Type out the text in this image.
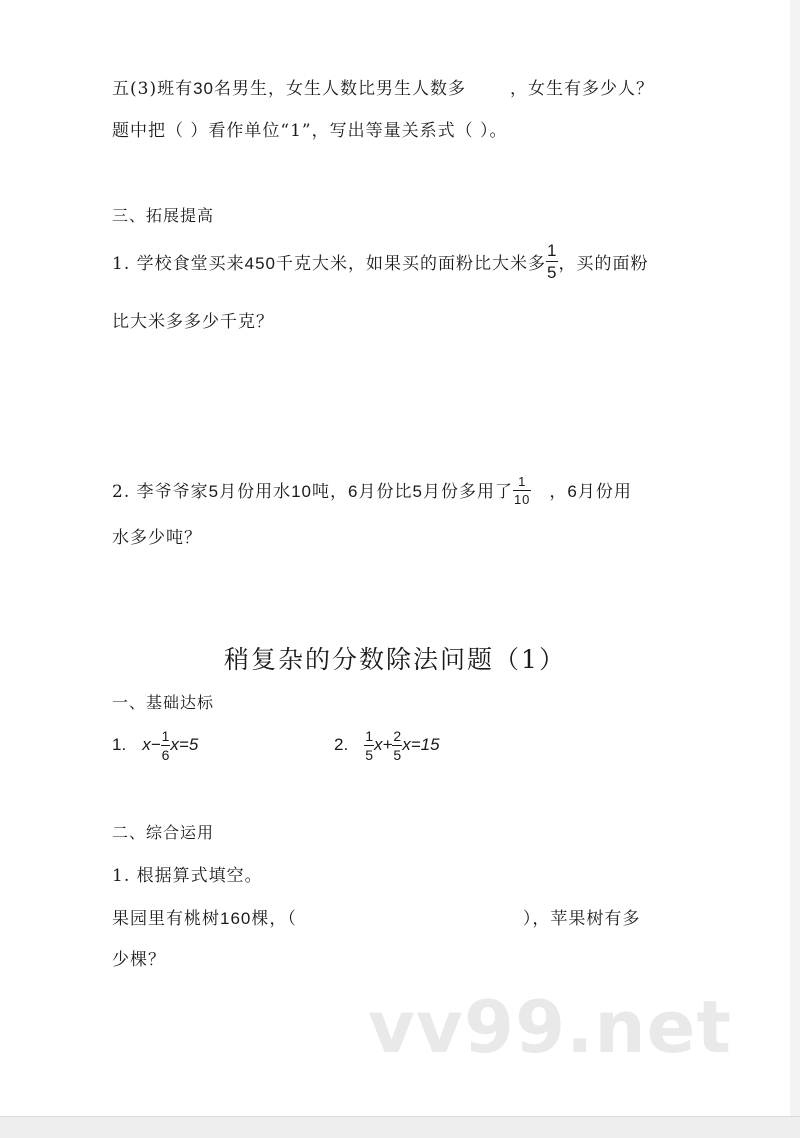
五(3)班有30名男生，女生人数比男生人数多	，女生有多少人？
题中把（ ）看作单位“1”，写出等量关系式（ ）。
三、拓展提高
1. 学校食堂买来450千克大米，如果买的面粉比大米多 $\frac{1}{5}$ ，买的面粉
比大米多多少千克？
2. 李爷爷家5月份用水10吨，6月份比5月份多用了 $\frac{1}{10}$ ，6月份用
水多少吨？
稍复杂的分数除法问题（1）
一、基础达标
1. $x- \frac{1}{6} x=5$	2. $\frac{1}{5} x+ \frac{2}{5} x=15$
二、综合运用
1. 根据算式填空。
果园里有桃树160棵，（	），苹果树有多
少棵？
vv99.net
